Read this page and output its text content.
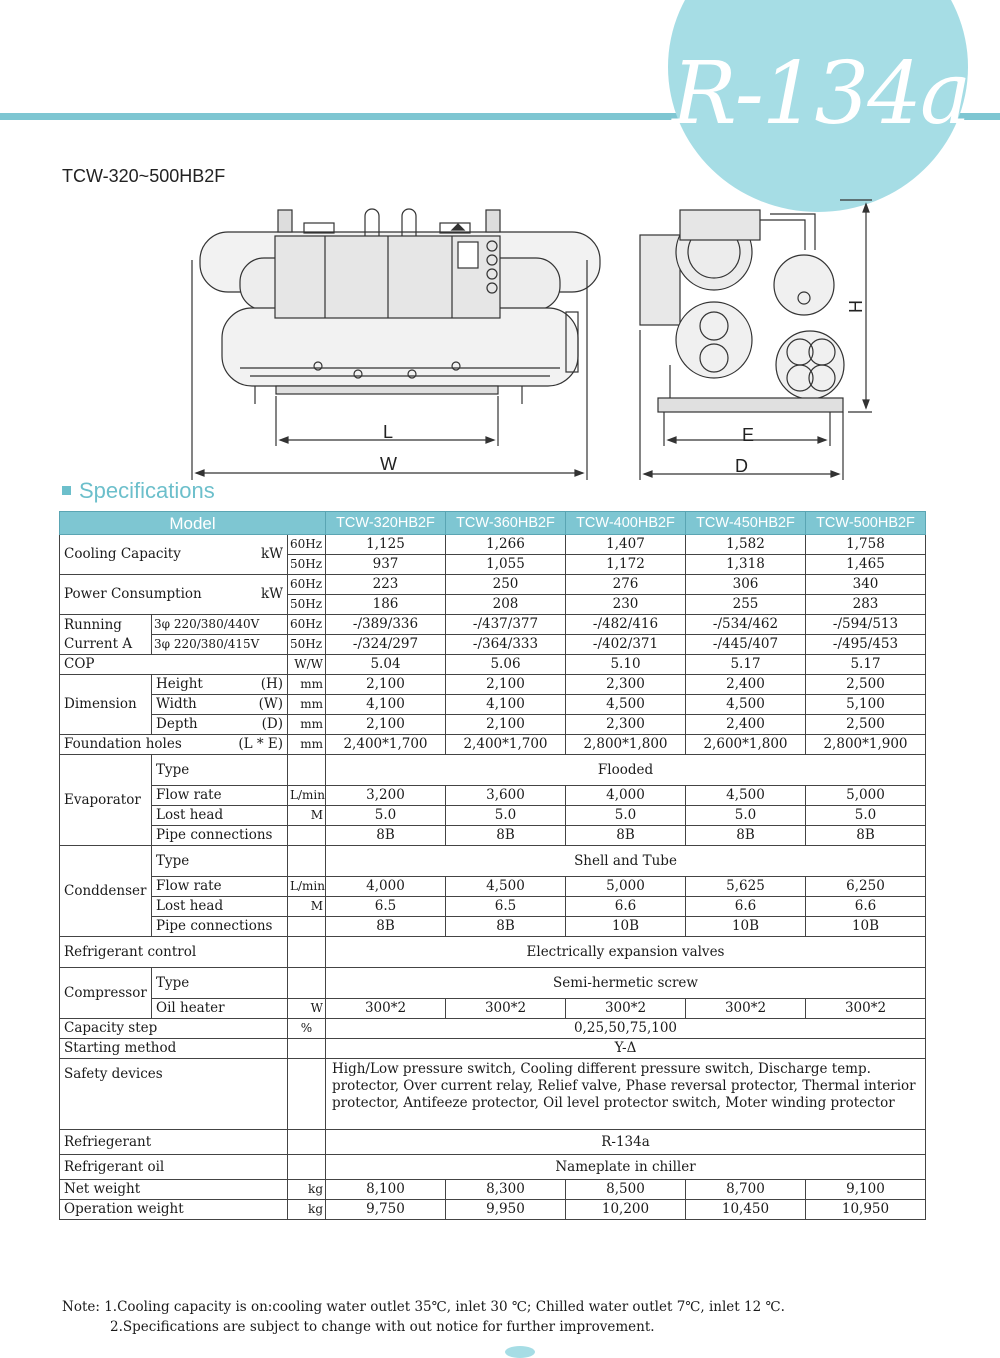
R-134a
TCW-320~500HB2F
L
W
E
D
H
Specifications
Model			TCW-320HB2F	TCW-360HB2F	TCW-400HB2F	TCW-450HB2F	TCW-500HB2F

Cooling Capacity kW		60Hz	1,125	1,266	1,407	1,582	1,758
		50Hz	937	1,055	1,172	1,318	1,465

Power Consumption kW		60Hz	223	250	276	306	340
		50Hz	186	208	230	255	283
Running
Current A	3φ 220/380/440V	60Hz	-/389/336	-/437/377	-/482/416	-/534/462	-/594/513
	3φ 220/380/415V	50Hz	-/324/297	-/364/333	-/402/371	-/445/407	-/495/453
COP		W/W	5.04	5.06	5.10	5.17	5.17
Dimension	Height (H)	mm	2,100	2,100	2,300	2,400	2,500

	Width (W)	mm	4,100	4,100	4,500	4,500	5,100

	Depth (D)	mm	2,100	2,100	2,300	2,400	2,500

Foundation holes (L * E)		mm	2,400*1,700	2,400*1,700	2,800*1,800	2,600*1,800	2,800*1,900
Evaporator	Type		Flooded				
	Flow rate	L/min	3,200	3,600	4,000	4,500	5,000
	Lost head	M	5.0	5.0	5.0	5.0	5.0
	Pipe connections		8B	8B	8B	8B	8B
Conddenser	Type		Shell and Tube				
	Flow rate	L/min	4,000	4,500	5,000	5,625	6,250
	Lost head	M	6.5	6.5	6.6	6.6	6.6
	Pipe connections		8B	8B	10B	10B	10B
Refrigerant control			Electrically expansion valves				
Compressor	Type		Semi-hermetic screw				
	Oil heater	W	300*2	300*2	300*2	300*2	300*2
Capacity step		%	0,25,50,75,100				
Starting method			Y-Δ				
Safety devices			High/Low pressure switch, Cooling different pressure switch, Discharge temp. protector, Over current relay, Relief valve, Phase reversal protector, Thermal interior protector, Antifeeze protector, Oil level protector switch, Moter winding protector				
Refriegerant			R-134a				
Refrigerant oil			Nameplate in chiller				
Net weight		kg	8,100	8,300	8,500	8,700	9,100
Operation weight		kg	9,750	9,950	10,200	10,450	10,950
Note: 1.Cooling capacity is on:cooling water outlet 35℃, inlet 30 ℃; Chilled water outlet 7℃, inlet 12 ℃.
2.Specifications are subject to change with out notice for further improvement.
